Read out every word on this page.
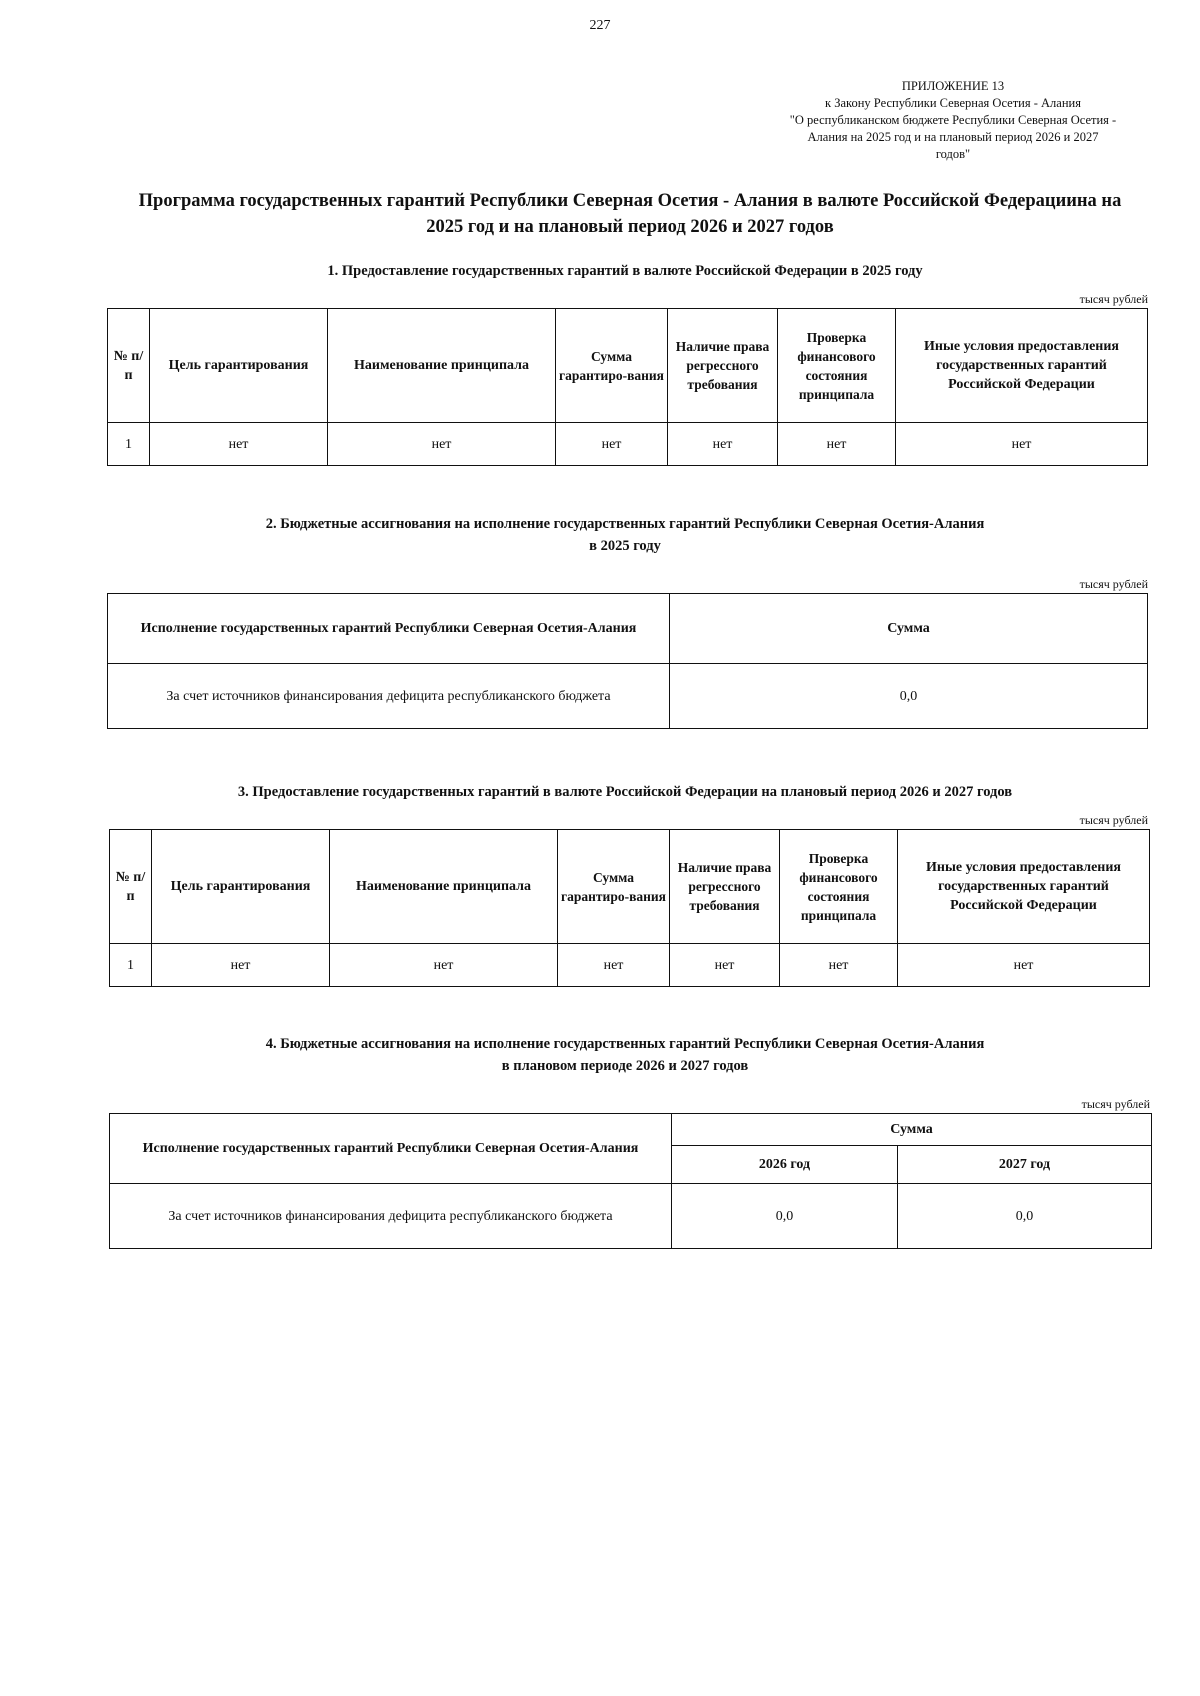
227
ПРИЛОЖЕНИЕ 13
к Закону Республики Северная Осетия - Алания
"О республиканском бюджете Республики Северная Осетия -
Алания на 2025 год и на плановый период 2026 и 2027
годов"
Программа государственных гарантий Республики Северная Осетия - Алания в валюте Российской Федерациина на
2025 год и на плановый период 2026 и 2027 годов
1. Предоставление государственных гарантий в валюте Российской Федерации в 2025 году
тысяч рублей
№ п/п	Цель гарантирования	Наименование принципала	Сумма гарантиро-вания	Наличие права регрессного требования	Проверка финансового состояния принципала	Иные условия предоставления государственных гарантий Российской Федерации
1	нет	нет	нет	нет	нет	нет
2. Бюджетные ассигнования на исполнение государственных гарантий Республики Северная Осетия-Алания
в 2025 году
тысяч рублей
Исполнение государственных гарантий Республики Северная Осетия-Алания	Сумма
За счет источников финансирования дефицита республиканского бюджета	0,0
3. Предоставление государственных гарантий в валюте Российской Федерации на плановый период 2026 и 2027 годов
тысяч рублей
№ п/п	Цель гарантирования	Наименование принципала	Сумма гарантиро-вания	Наличие права регрессного требования	Проверка финансового состояния принципала	Иные условия предоставления государственных гарантий Российской Федерации
1	нет	нет	нет	нет	нет	нет
4. Бюджетные ассигнования на исполнение государственных гарантий Республики Северная Осетия-Алания
в плановом периоде 2026 и 2027 годов
тысяч рублей
Исполнение государственных гарантий Республики Северная Осетия-Алания	Сумма	
	2026 год	2027 год
За счет источников финансирования дефицита республиканского бюджета	0,0	0,0
